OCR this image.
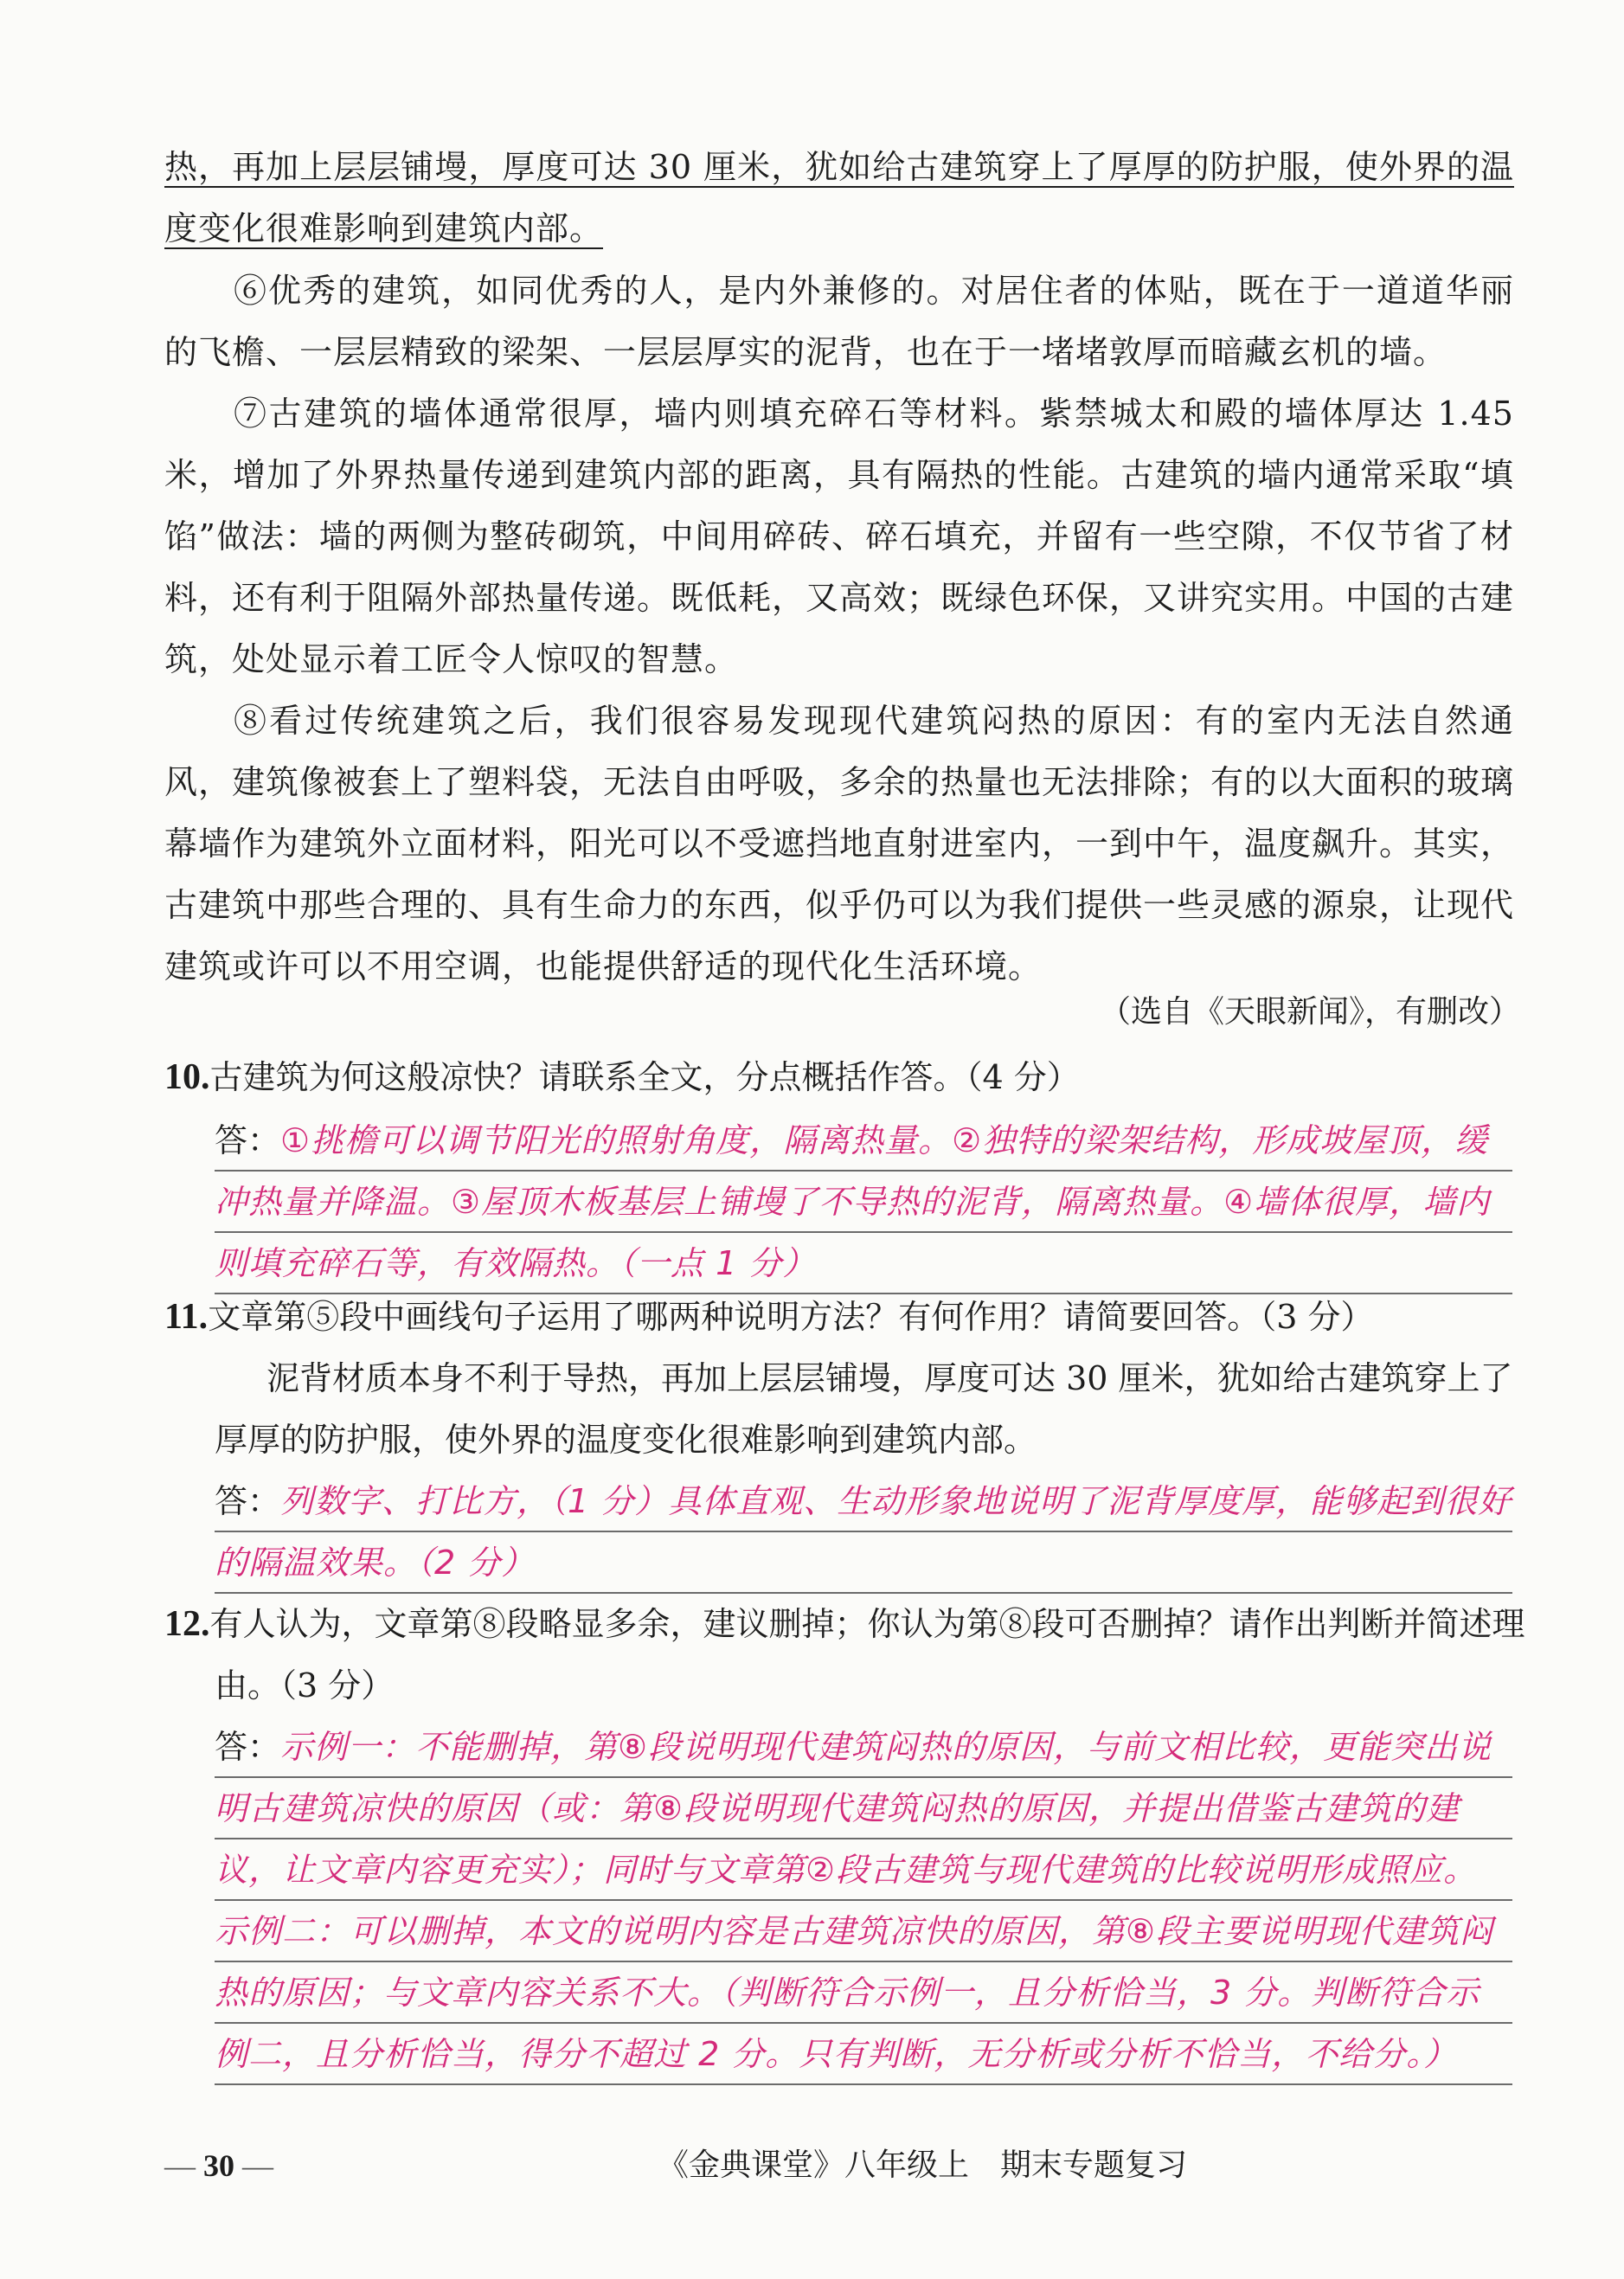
热，再加上层层铺墁，厚度可达 30 厘米，犹如给古建筑穿上了厚厚的防护服，使外界的温度变化很难影响到建筑内部。

⑥优秀的建筑，如同优秀的人，是内外兼修的。对居住者的体贴，既在于一道道华丽的飞檐、一层层精致的梁架、一层层厚实的泥背，也在于一堵堵敦厚而暗藏玄机的墙。

⑦古建筑的墙体通常很厚，墙内则填充碎石等材料。紫禁城太和殿的墙体厚达 1.45 米，增加了外界热量传递到建筑内部的距离，具有隔热的性能。古建筑的墙内通常采取“填馅”做法：墙的两侧为整砖砌筑，中间用碎砖、碎石填充，并留有一些空隙，不仅节省了材料，还有利于阻隔外部热量传递。既低耗，又高效；既绿色环保，又讲究实用。中国的古建筑，处处显示着工匠令人惊叹的智慧。

⑧看过传统建筑之后，我们很容易发现现代建筑闷热的原因：有的室内无法自然通风，建筑像被套上了塑料袋，无法自由呼吸，多余的热量也无法排除；有的以大面积的玻璃幕墙作为建筑外立面材料，阳光可以不受遮挡地直射进室内，一到中午，温度飙升。其实，古建筑中那些合理的、具有生命力的东西，似乎仍可以为我们提供一些灵感的源泉，让现代建筑或许可以不用空调，也能提供舒适的现代化生活环境。

（选自《天眼新闻》，有删改）

10.古建筑为何这般凉快？请联系全文，分点概括作答。（4 分）

答：①挑檐可以调节阳光的照射角度，隔离热量。②独特的梁架结构，形成坡屋顶，缓冲热量并降温。③屋顶木板基层上铺墁了不导热的泥背，隔离热量。④墙体很厚，墙内则填充碎石等，有效隔热。（一点 1 分）

11.文章第⑤段中画线句子运用了哪两种说明方法？有何作用？请简要回答。（3 分）

泥背材质本身不利于导热，再加上层层铺墁，厚度可达 30 厘米，犹如给古建筑穿上了厚厚的防护服，使外界的温度变化很难影响到建筑内部。

答：列数字、打比方，（1 分）具体直观、生动形象地说明了泥背厚度厚，能够起到很好的隔温效果。（2 分）

12.有人认为，文章第⑧段略显多余，建议删掉；你认为第⑧段可否删掉？请作出判断并简述理由。（3 分）

答：示例一：不能删掉，第⑧段说明现代建筑闷热的原因，与前文相比较，更能突出说明古建筑凉快的原因（或：第⑧段说明现代建筑闷热的原因，并提出借鉴古建筑的建议，让文章内容更充实）；同时与文章第②段古建筑与现代建筑的比较说明形成照应。　示例二：可以删掉，本文的说明内容是古建筑凉快的原因，第⑧段主要说明现代建筑闷热的原因；与文章内容关系不大。（判断符合示例一，且分析恰当，3 分。判断符合示例二，且分析恰当，得分不超过 2 分。只有判断，无分析或分析不恰当，不给分。）

— 30 —	《金典课堂》八年级上　期末专题复习
